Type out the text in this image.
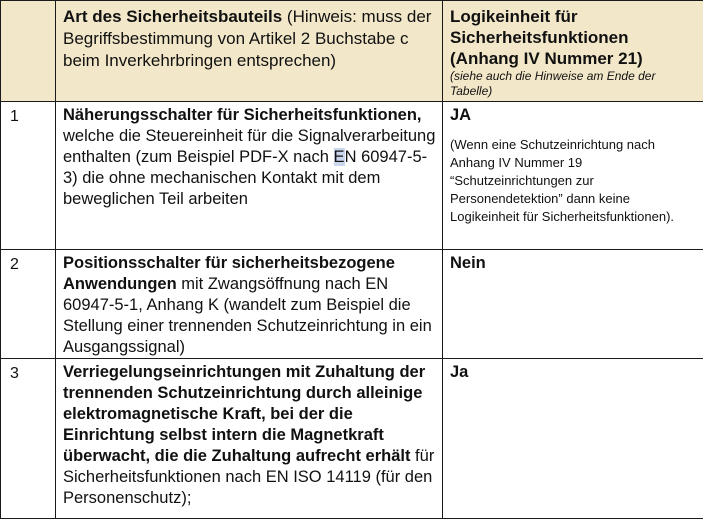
	Art des Sicherheitsbauteils (Hinweis: muss der Begriffsbestimmung von Artikel 2 Buchstabe c beim Inverkehrbringen entsprechen)	Logikeinheit für Sicherheitsfunktionen (Anhang IV Nummer 21)
(siehe auch die Hinweise am Ende der Tabelle)

1	Näherungsschalter für Sicherheitsfunktionen, welche die Steuereinheit für die Signalverarbeitung enthalten (zum Beispiel PDF-X nach EN 60947-5-3) die ohne mechanischen Kontakt mit dem beweglichen Teil arbeiten	JA
(Wenn eine Schutzeinrichtung nach Anhang IV Nummer 19 “Schutzeinrichtungen zur Personendetektion” dann keine Logikeinheit für Sicherheitsfunktionen).

2	Positionsschalter für sicherheitsbezogene Anwendungen mit Zwangsöffnung nach EN 60947-5-1, Anhang K (wandelt zum Beispiel die Stellung einer trennenden Schutzeinrichtung in ein Ausgangssignal)	Nein

3	Verriegelungseinrichtungen mit Zuhaltung der trennenden Schutzeinrichtung durch alleinige elektromagnetische Kraft, bei der die Einrichtung selbst intern die Magnetkraft überwacht, die die Zuhaltung aufrecht erhält für Sicherheitsfunktionen nach EN ISO 14119 (für den Personenschutz);	Ja
